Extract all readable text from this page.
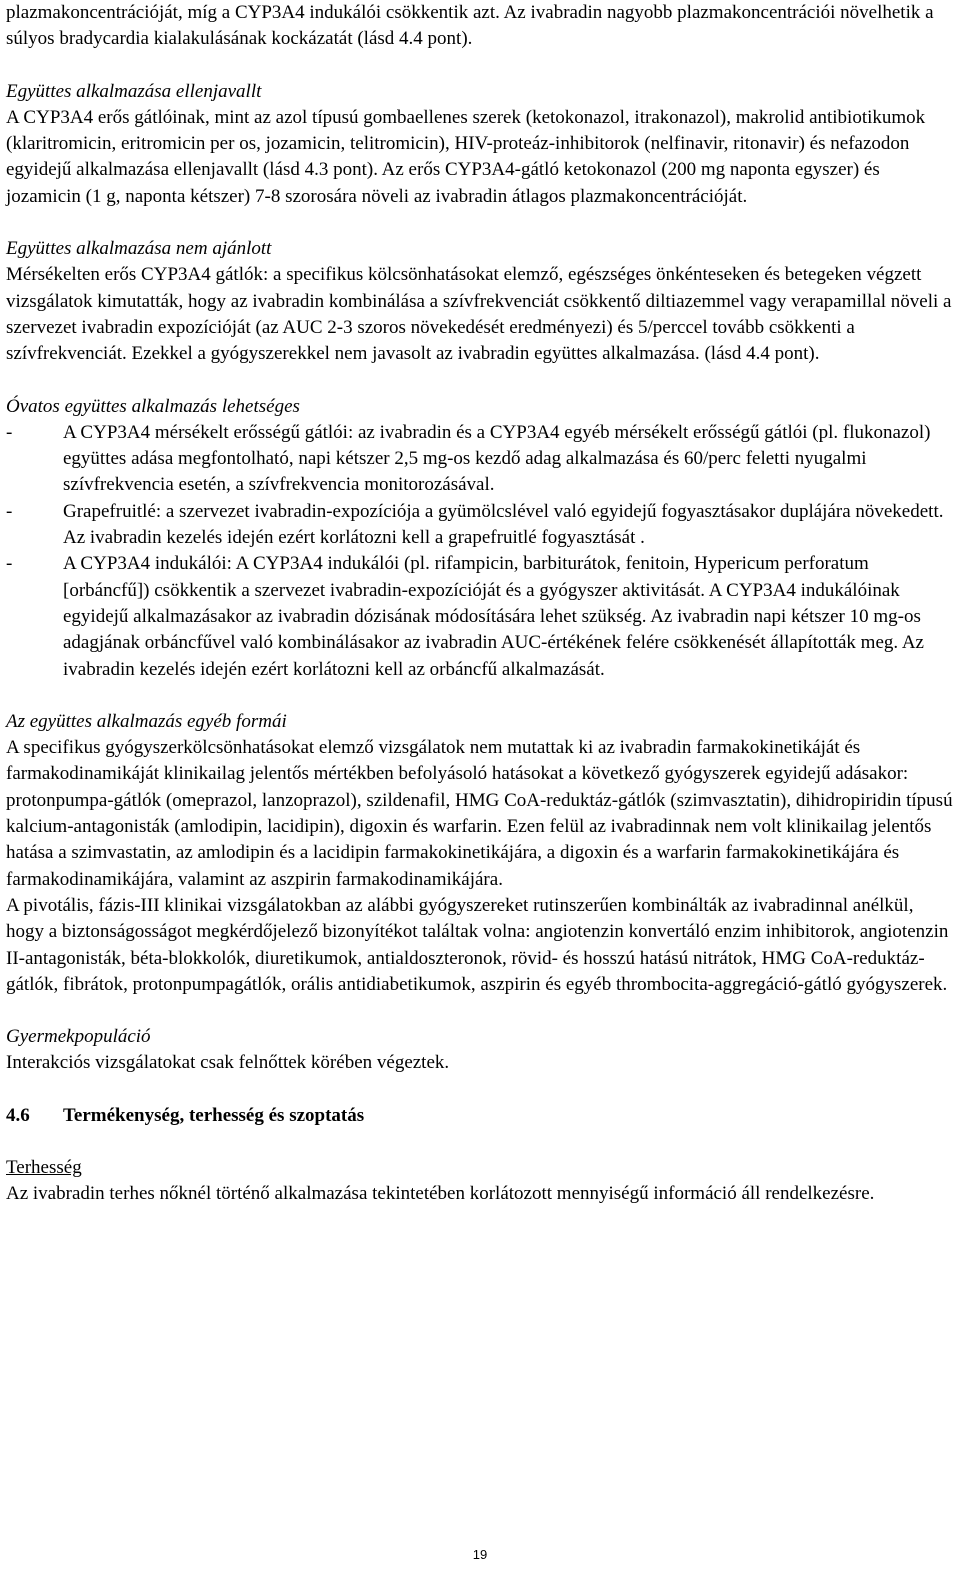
plazmakoncentrációját, míg a CYP3A4 indukálói csökkentik azt. Az ivabradin nagyobb plazmakoncentrációi növelhetik a súlyos bradycardia kialakulásának kockázatát (lásd 4.4 pont).

Együttes alkalmazása ellenjavallt

A CYP3A4 erős gátlóinak, mint az azol típusú gombaellenes szerek (ketokonazol, itrakonazol), makrolid antibiotikumok (klaritromicin, eritromicin per os, jozamicin, telitromicin), HIV-proteáz-inhibitorok (nelfinavir, ritonavir) és nefazodon egyidejű alkalmazása ellenjavallt (lásd 4.3 pont). Az erős CYP3A4-gátló ketokonazol (200 mg naponta egyszer) és jozamicin (1 g, naponta kétszer) 7-8 szorosára növeli az ivabradin átlagos plazmakoncentrációját.

Együttes alkalmazása nem ajánlott

Mérsékelten erős CYP3A4 gátlók: a specifikus kölcsönhatásokat elemző, egészséges önkénteseken és betegeken végzett vizsgálatok kimutatták, hogy az ivabradin kombinálása a szívfrekvenciát csökkentő diltiazemmel vagy verapamillal növeli a szervezet ivabradin expozícióját (az AUC 2-3 szoros növekedését eredményezi) és 5/perccel tovább csökkenti a szívfrekvenciát. Ezekkel a gyógyszerekkel nem javasolt az ivabradin együttes alkalmazása. (lásd 4.4 pont).

Óvatos együttes alkalmazás lehetséges

-	A CYP3A4 mérsékelt erősségű gátlói: az ivabradin és a CYP3A4 egyéb mérsékelt erősségű gátlói (pl. flukonazol) együttes adása megfontolható, napi kétszer 2,5 mg-os kezdő adag alkalmazása és 60/perc feletti nyugalmi szívfrekvencia esetén, a szívfrekvencia monitorozásával.
-	Grapefruitlé: a szervezet ivabradin-expozíciója a gyümölcslével való egyidejű fogyasztásakor duplájára növekedett. Az ivabradin kezelés idején ezért korlátozni kell a grapefruitlé fogyasztását .
-	A CYP3A4 indukálói: A CYP3A4 indukálói (pl. rifampicin, barbiturátok, fenitoin, Hypericum perforatum [orbáncfű]) csökkentik a szervezet ivabradin-expozícióját és a gyógyszer aktivitását. A CYP3A4 indukálóinak egyidejű alkalmazásakor az ivabradin dózisának módosítására lehet szükség. Az ivabradin napi kétszer 10 mg-os adagjának orbáncfűvel való kombinálásakor az ivabradin AUC-értékének felére csökkenését állapították meg. Az ivabradin kezelés idején ezért korlátozni kell az orbáncfű alkalmazását.

Az együttes alkalmazás egyéb formái

A specifikus gyógyszerkölcsönhatásokat elemző vizsgálatok nem mutattak ki az ivabradin farmakokinetikáját és farmakodinamikáját klinikailag jelentős mértékben befolyásoló hatásokat a következő gyógyszerek egyidejű adásakor: protonpumpa-gátlók (omeprazol, lanzoprazol), szildenafil, HMG CoA-reduktáz-gátlók (szimvasztatin), dihidropiridin típusú kalcium-antagonisták (amlodipin, lacidipin), digoxin és warfarin. Ezen felül az ivabradinnak nem volt klinikailag jelentős hatása a szimvastatin, az amlodipin és a lacidipin farmakokinetikájára, a digoxin és a warfarin farmakokinetikájára és farmakodinamikájára, valamint az aszpirin farmakodinamikájára.

A pivotális, fázis-III klinikai vizsgálatokban az alábbi gyógyszereket rutinszerűen kombinálták az ivabradinnal anélkül, hogy a biztonságosságot megkérdőjelező bizonyítékot találtak volna: angiotenzin konvertáló enzim inhibitorok, angiotenzin II-antagonisták, béta-blokkolók, diuretikumok, antialdoszteronok, rövid- és hosszú hatású nitrátok, HMG CoA-reduktáz-gátlók, fibrátok, protonpumpagátlók, orális antidiabetikumok, aszpirin és egyéb thrombocita-aggregáció-gátló gyógyszerek.

Gyermekpopuláció

Interakciós vizsgálatokat csak felnőttek körében végeztek.

4.6	Termékenység, terhesség és szoptatás

Terhesség

Az ivabradin terhes nőknél történő alkalmazása tekintetében korlátozott mennyiségű információ áll rendelkezésre.

19
